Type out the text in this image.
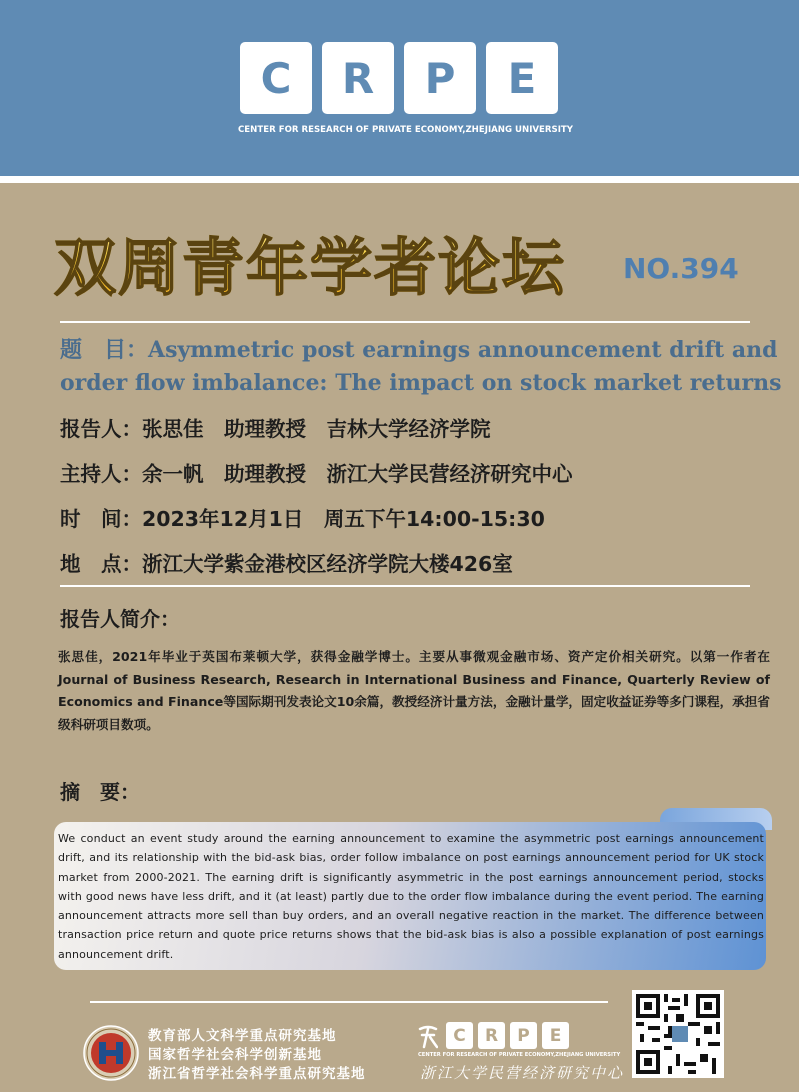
C	R	P	E
CENTER FOR RESEARCH OF PRIVATE ECONOMY,ZHEJIANG UNIVERSITY
双周青年学者论坛 NO.394
题　目：Asymmetric post earnings announcement drift and
order flow imbalance: The impact on stock market returns
报告人：张思佳　助理教授　吉林大学经济学院
主持人：余一帆　助理教授　浙江大学民营经济研究中心
时　间：2023年12月1日　周五下午14:00-15:30
地　点：浙江大学紫金港校区经济学院大楼426室
报告人简介：
张思佳，2021年毕业于英国布莱顿大学，获得金融学博士。主要从事微观金融市场、资产定价相关研究。以第一作者在Journal of Business Research, Research in International Business and Finance, Quarterly Review of Economics and Finance等国际期刊发表论文10余篇，教授经济计量方法，金融计量学，固定收益证券等多门课程，承担省级科研项目数项。
摘　要：
We conduct an event study around the earning announcement to examine the asymmetric post earnings announcement drift, and its relationship with the bid-ask bias, order follow imbalance on post earnings announcement period for UK stock market from 2000-2021. The earning drift is significantly asymmetric in the post earnings announcement period, stocks with good news have less drift, and it (at least) partly due to the order flow imbalance during the event period. The earning announcement attracts more sell than buy orders, and an overall negative reaction in the market. The difference between transaction price return and quote price returns shows that the bid-ask bias is also a possible explanation of post earnings announcement drift.
教育部人文科学重点研究基地
国家哲学社会科学创新基地
浙江省哲学社会科学重点研究基地
C	R	P	E
CENTER FOR RESEARCH OF PRIVATE ECONOMY,ZHEJIANG UNIVERSITY
浙江大学民营经济研究中心
